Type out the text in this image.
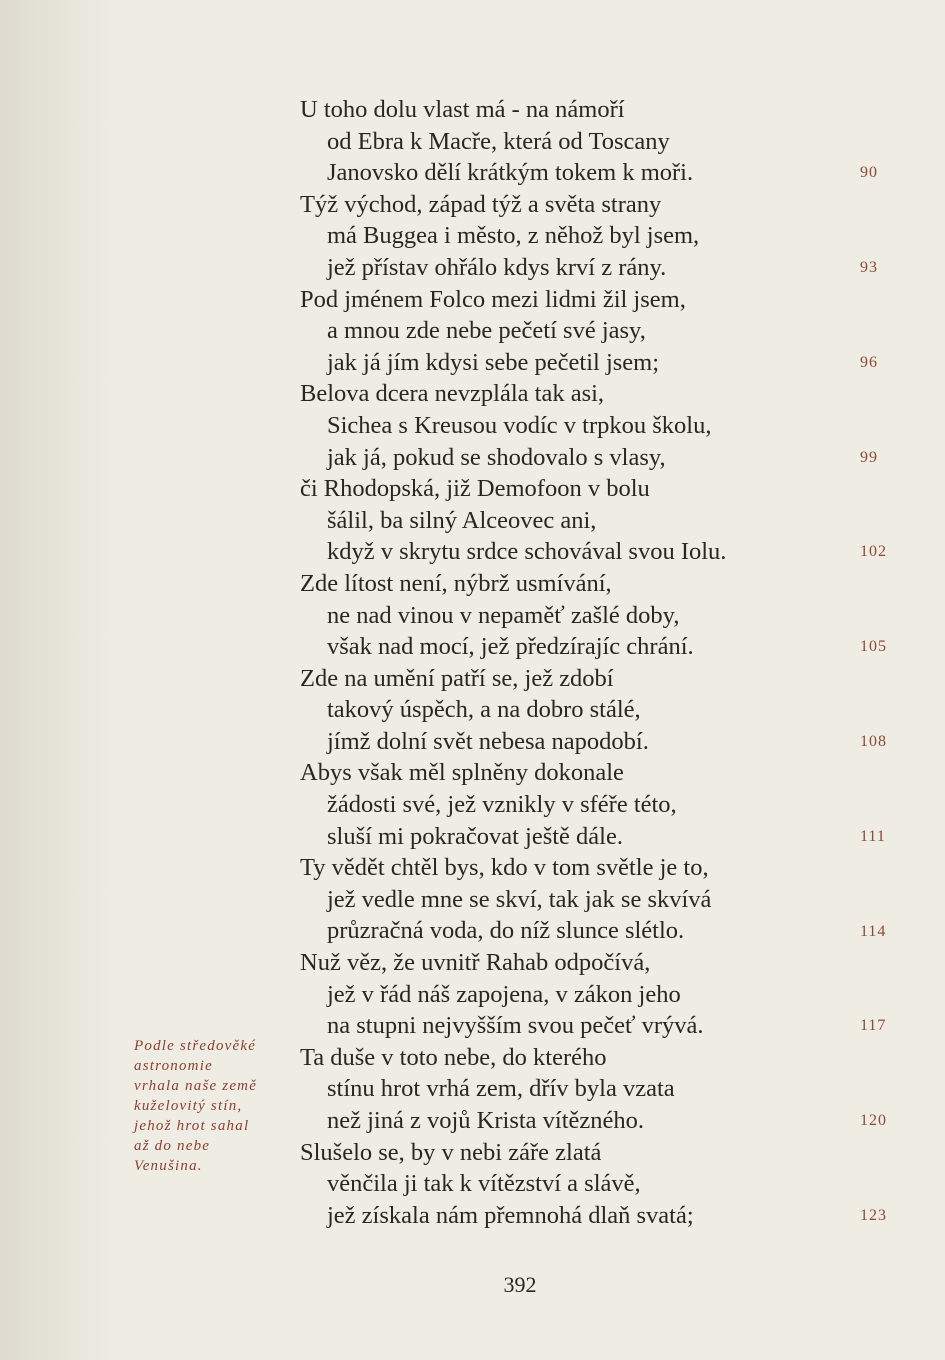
U toho dolu vlast má - na námoří
od Ebra k Macře, která od Toscany
Janovsko dělí krátkým tokem k moři.
Týž východ, západ týž a světa strany
má Buggea i město, z něhož byl jsem,
jež přístav ohřálo kdys krví z rány.
Pod jménem Folco mezi lidmi žil jsem,
a mnou zde nebe pečetí své jasy,
jak já jím kdysi sebe pečetil jsem;
Belova dcera nevzplála tak asi,
Sichea s Kreusou vodíc v trpkou školu,
jak já, pokud se shodovalo s vlasy,
či Rhodopská, již Demofoon v bolu
šálil, ba silný Alceovec ani,
když v skrytu srdce schovával svou Iolu.
Zde lítost není, nýbrž usmívání,
ne nad vinou v nepaměť zašlé doby,
však nad mocí, jež předzírajíc chrání.
Zde na umění patří se, jež zdobí
takový úspěch, a na dobro stálé,
jímž dolní svět nebesa napodobí.
Abys však měl splněny dokonale
žádosti své, jež vznikly v sféře této,
sluší mi pokračovat ještě dále.
Ty vědět chtěl bys, kdo v tom světle je to,
jež vedle mne se skví, tak jak se skvívá
průzračná voda, do níž slunce slétlo.
Nuž věz, že uvnitř Rahab odpočívá,
jež v řád náš zapojena, v zákon jeho
na stupni nejvyšším svou pečeť vrývá.
Ta duše v toto nebe, do kterého
stínu hrot vrhá zem, dřív byla vzata
než jiná z vojů Krista vítězného.
Slušelo se, by v nebi záře zlatá
věnčila ji tak k vítězství a slávě,
jež získala nám přemnohá dlaň svatá;
90
93
96
99
102
105
108
111
114
117
120
123
Podle středověké
astronomie
vrhala naše země
kuželovitý stín,
jehož hrot sahal
až do nebe
Venušina.
392
